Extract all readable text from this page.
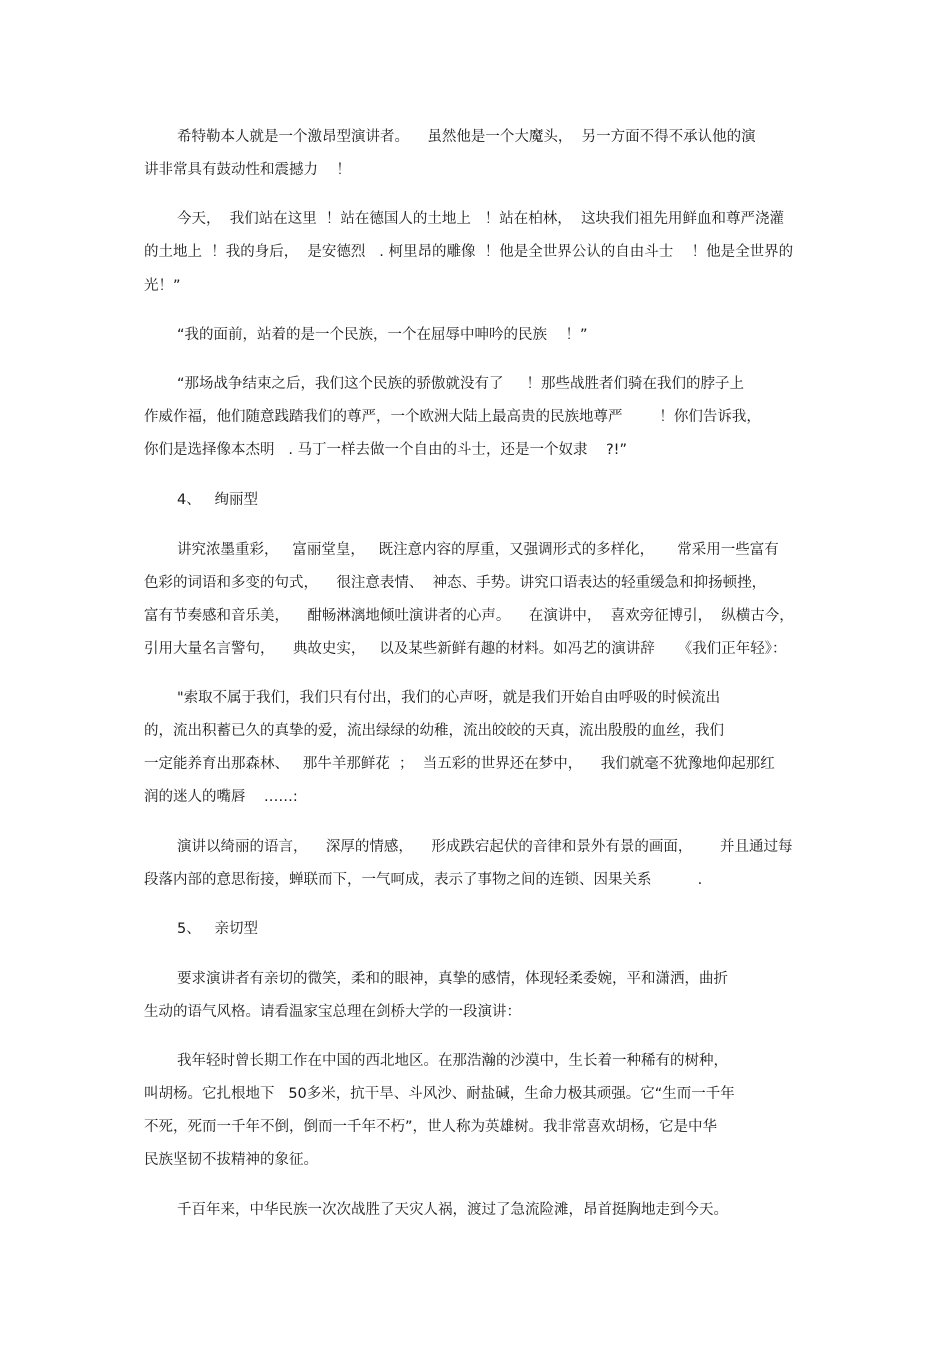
希特勒本人就是一个激昂型演讲者。    虽然他是一个大魔头，  另一方面不得不承认他的演

讲非常具有鼓动性和震撼力    ！

今天，  我们站在这里  ！站在德国人的土地上   ！站在柏林，  这块我们祖先用鲜血和尊严浇灌

的土地上  ！我的身后，  是安德烈   . 柯里昂的雕像  ！他是全世界公认的自由斗士    ！他是全世界的

光！”

“我的面前，站着的是一个民族，一个在屈辱中呻吟的民族    ！”

“那场战争结束之后，我们这个民族的骄傲就没有了     ！那些战胜者们骑在我们的脖子上

作威作福，他们随意践踏我们的尊严，一个欧洲大陆上最高贵的民族地尊严        ！你们告诉我，

你们是选择像本杰明   . 马丁一样去做一个自由的斗士，还是一个奴隶    ?!”

4、   绚丽型

讲究浓墨重彩，   富丽堂皇，   既注意内容的厚重，又强调形式的多样化，     常采用一些富有

色彩的词语和多变的句式，    很注意表情、  神态、手势。讲究口语表达的轻重缓急和抑扬顿挫，

富有节奏感和音乐美，    酣畅淋漓地倾吐演讲者的心声。    在演讲中，  喜欢旁征博引，  纵横古今，

引用大量名言警句，    典故史实，   以及某些新鲜有趣的材料。如冯艺的演讲辞     《我们正年轻》：

"索取不属于我们，我们只有付出，我们的心声呀，就是我们开始自由呼吸的时候流出

的，流出积蓄已久的真挚的爱，流出绿绿的幼稚，流出皎皎的天真，流出殷殷的血丝，我们

一定能养育出那森林、   那牛羊那鲜花  ；  当五彩的世界还在梦中，    我们就毫不犹豫地仰起那红

润的迷人的嘴唇    ……:

演讲以绮丽的语言，    深厚的情感，    形成跌宕起伏的音律和景外有景的画面，      并且通过每

段落内部的意思衔接，蝉联而下，一气呵成，表示了事物之间的连锁、因果关系          .

5、   亲切型

要求演讲者有亲切的微笑，柔和的眼神，真挚的感情，体现轻柔委婉，平和潇洒，曲折

生动的语气风格。请看温家宝总理在剑桥大学的一段演讲：

我年轻时曾长期工作在中国的西北地区。在那浩瀚的沙漠中，生长着一种稀有的树种，

叫胡杨。它扎根地下   50多米，抗干旱、斗风沙、耐盐碱，生命力极其顽强。它“生而一千年

不死，死而一千年不倒，倒而一千年不朽”，世人称为英雄树。我非常喜欢胡杨，它是中华

民族坚韧不拔精神的象征。

千百年来，中华民族一次次战胜了天灾人祸，渡过了急流险滩，昂首挺胸地走到今天。
